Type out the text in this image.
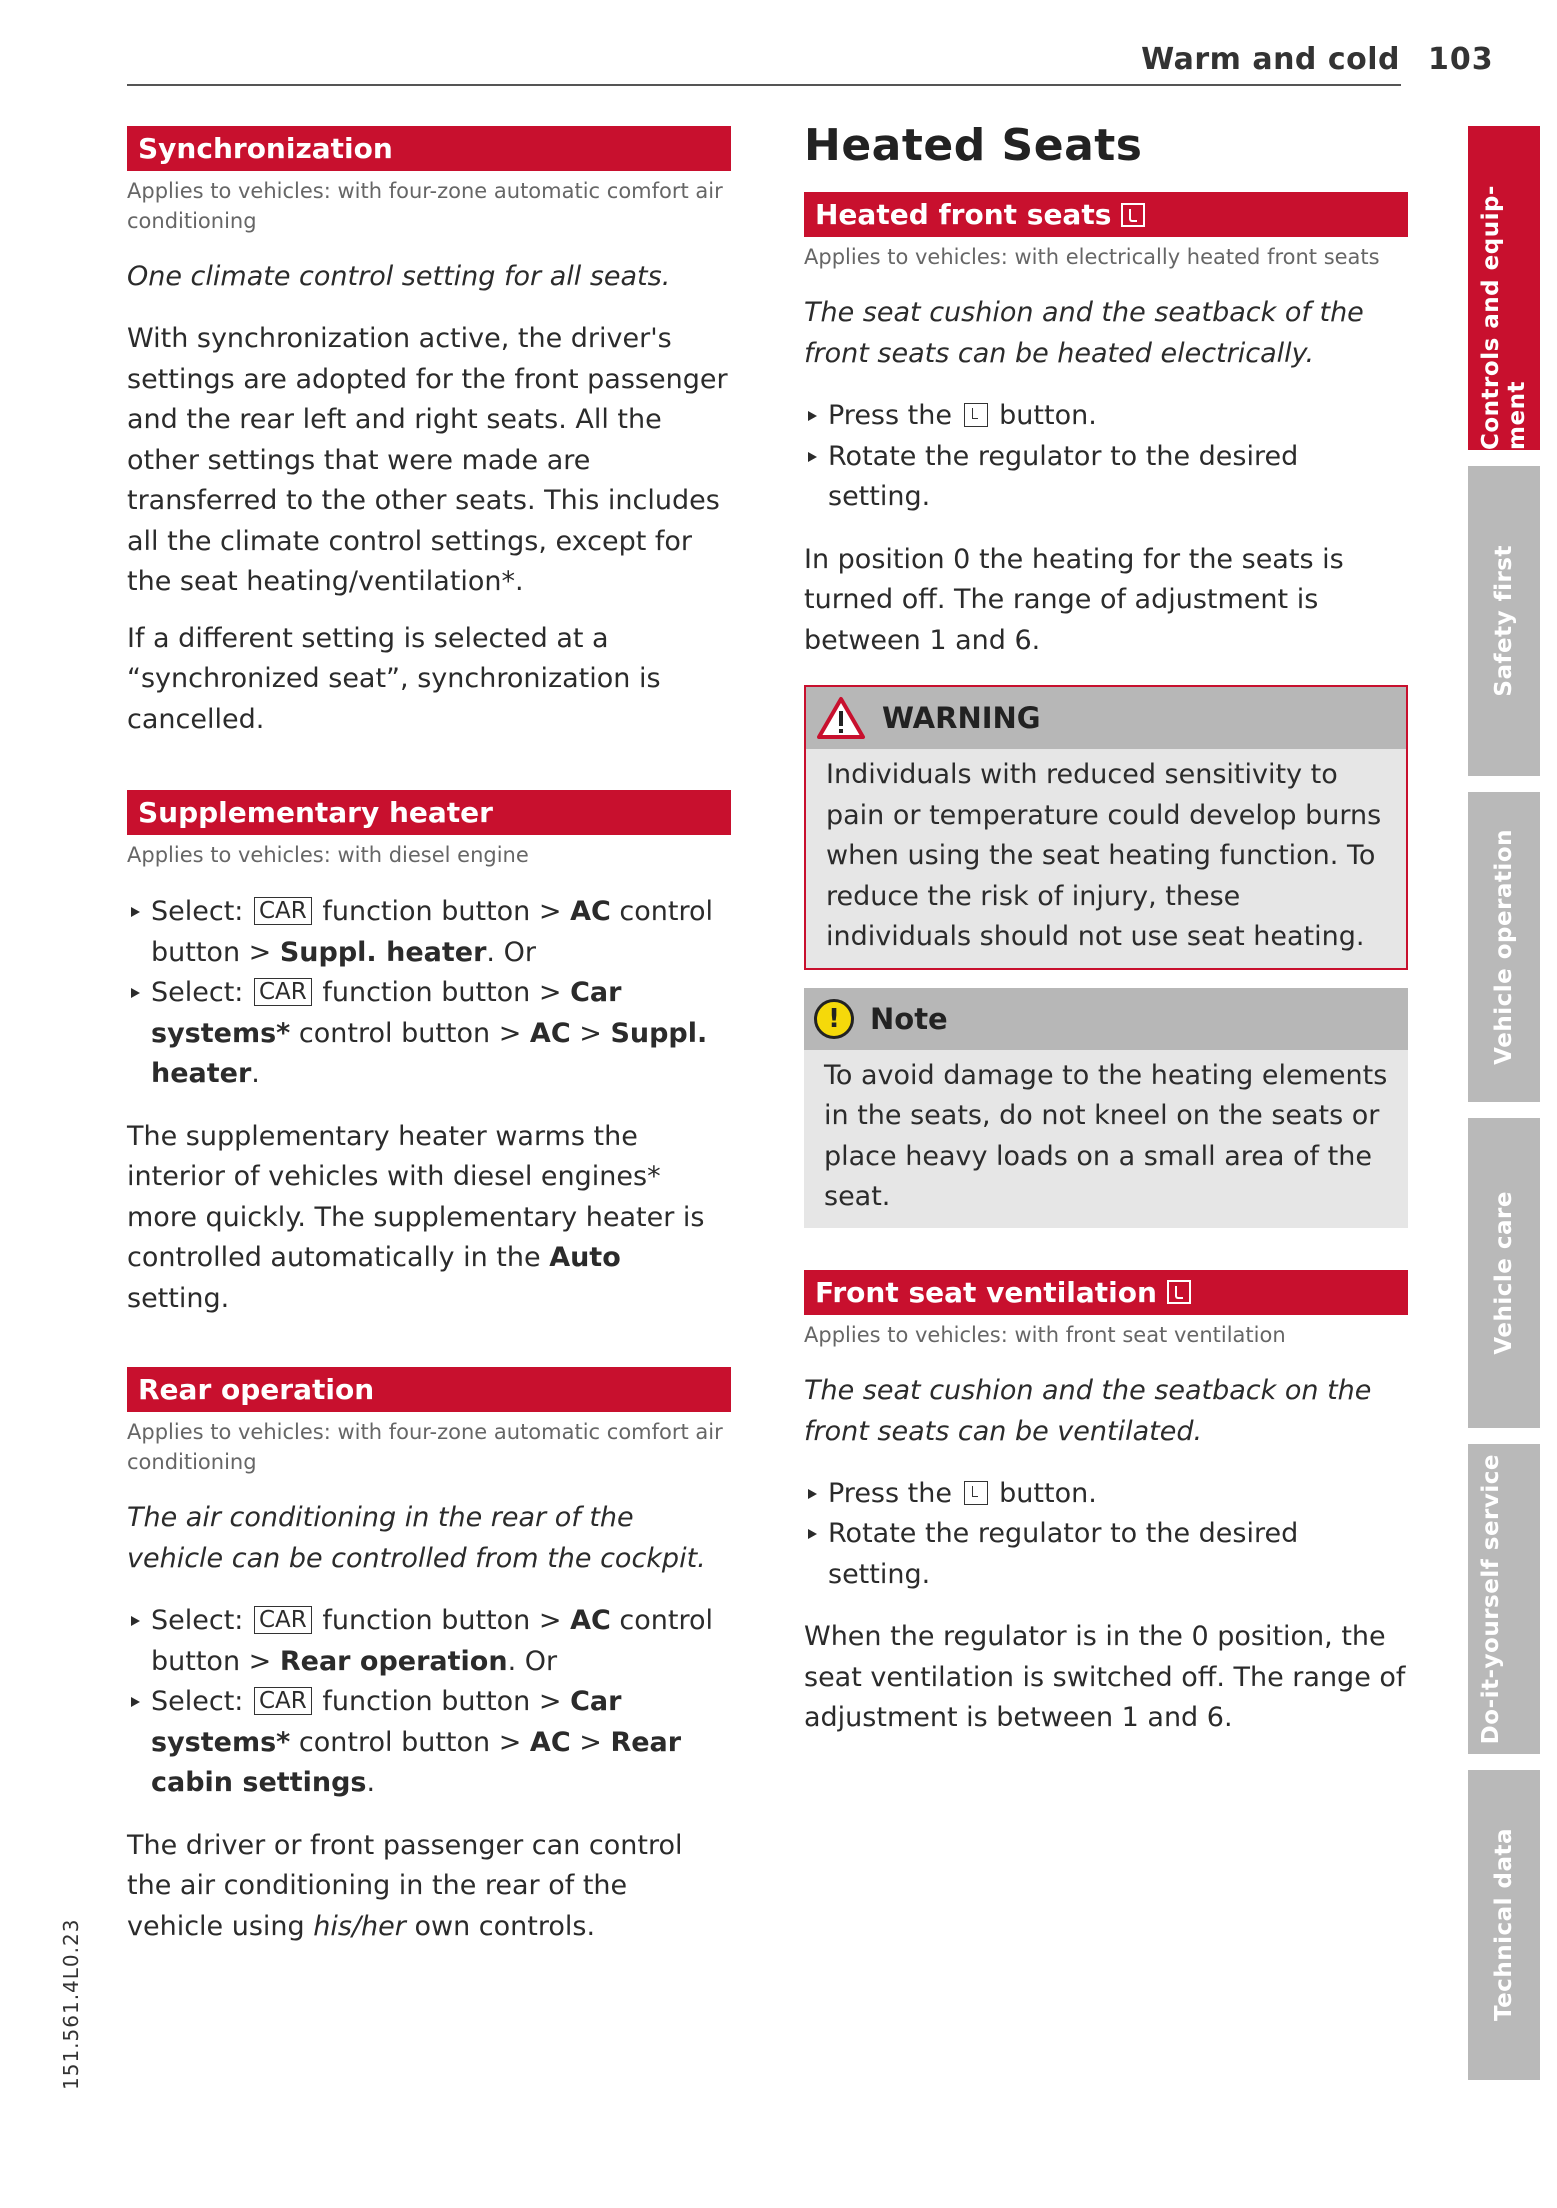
Warm and cold 103
Synchronization
Applies to vehicles: with four-zone automatic comfort air conditioning
One climate control setting for all seats.
With synchronization active, the driver's settings are adopted for the front passenger and the rear left and right seats. All the other settings that were made are transferred to the other seats. This includes all the climate control settings, except for the seat heating/ventilation*.
If a different setting is selected at a “synchronized seat”, synchronization is cancelled.
Supplementary heater
Applies to vehicles: with diesel engine
Select: CAR function button > AC control button > Suppl. heater. Or
Select: CAR function button > Car systems* control button > AC > Suppl. heater.
The supplementary heater warms the interior of vehicles with diesel engines* more quickly. The supplementary heater is controlled automatically in the Auto setting.
Rear operation
Applies to vehicles: with four-zone automatic comfort air conditioning
The air conditioning in the rear of the vehicle can be controlled from the cockpit.
Select: CAR function button > AC control button > Rear operation. Or
Select: CAR function button > Car systems* control button > AC > Rear cabin settings.
The driver or front passenger can control the air conditioning in the rear of the vehicle using his/her own controls.
Heated Seats
Heated front seats
Applies to vehicles: with electrically heated front seats
The seat cushion and the seatback of the front seats can be heated electrically.
Press the button.
Rotate the regulator to the desired setting.
In position 0 the heating for the seats is turned off. The range of adjustment is between 1 and 6.
WARNING
Individuals with reduced sensitivity to pain or temperature could develop burns when using the seat heating function. To reduce the risk of injury, these individuals should not use seat heating.
!	Note
To avoid damage to the heating elements in the seats, do not kneel on the seats or place heavy loads on a small area of the seat.
Front seat ventilation
Applies to vehicles: with front seat ventilation
The seat cushion and the seatback on the front seats can be ventilated.
Press the button.
Rotate the regulator to the desired setting.
When the regulator is in the 0 position, the seat ventilation is switched off. The range of adjustment is between 1 and 6.
Controls and equip- ment
Safety first
Vehicle operation
Vehicle care
Do-it-yourself service
Technical data
151.561.4L0.23
